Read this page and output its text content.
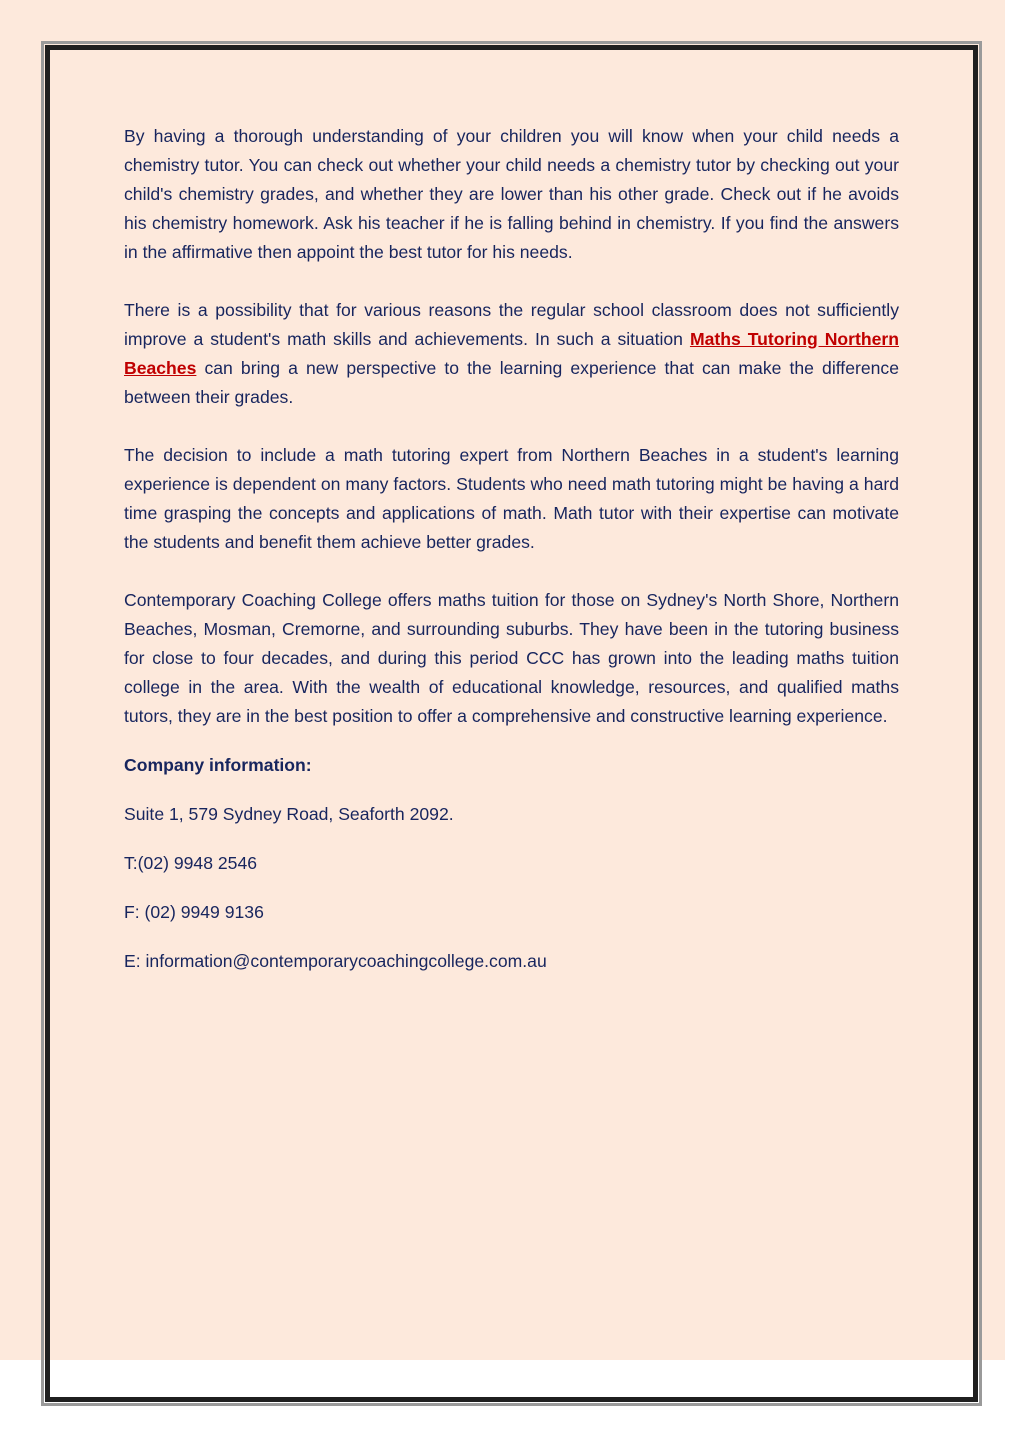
By having a thorough understanding of your children you will know when your child needs a chemistry tutor. You can check out whether your child needs a chemistry tutor by checking out your child's chemistry grades, and whether they are lower than his other grade. Check out if he avoids his chemistry homework. Ask his teacher if he is falling behind in chemistry. If you find the answers in the affirmative then appoint the best tutor for his needs.

There is a possibility that for various reasons the regular school classroom does not sufficiently improve a student's math skills and achievements. In such a situation Maths Tutoring Northern Beaches can bring a new perspective to the learning experience that can make the difference between their grades.

The decision to include a math tutoring expert from Northern Beaches in a student's learning experience is dependent on many factors. Students who need math tutoring might be having a hard time grasping the concepts and applications of math. Math tutor with their expertise can motivate the students and benefit them achieve better grades.

Contemporary Coaching College offers maths tuition for those on Sydney's North Shore, Northern Beaches, Mosman, Cremorne, and surrounding suburbs. They have been in the tutoring business for close to four decades, and during this period CCC has grown into the leading maths tuition college in the area. With the wealth of educational knowledge, resources, and qualified maths tutors, they are in the best position to offer a comprehensive and constructive learning experience.

Company information:

Suite 1, 579 Sydney Road, Seaforth 2092.

T:(02) 9948 2546

F: (02) 9949 9136

E: information@contemporarycoachingcollege.com.au
